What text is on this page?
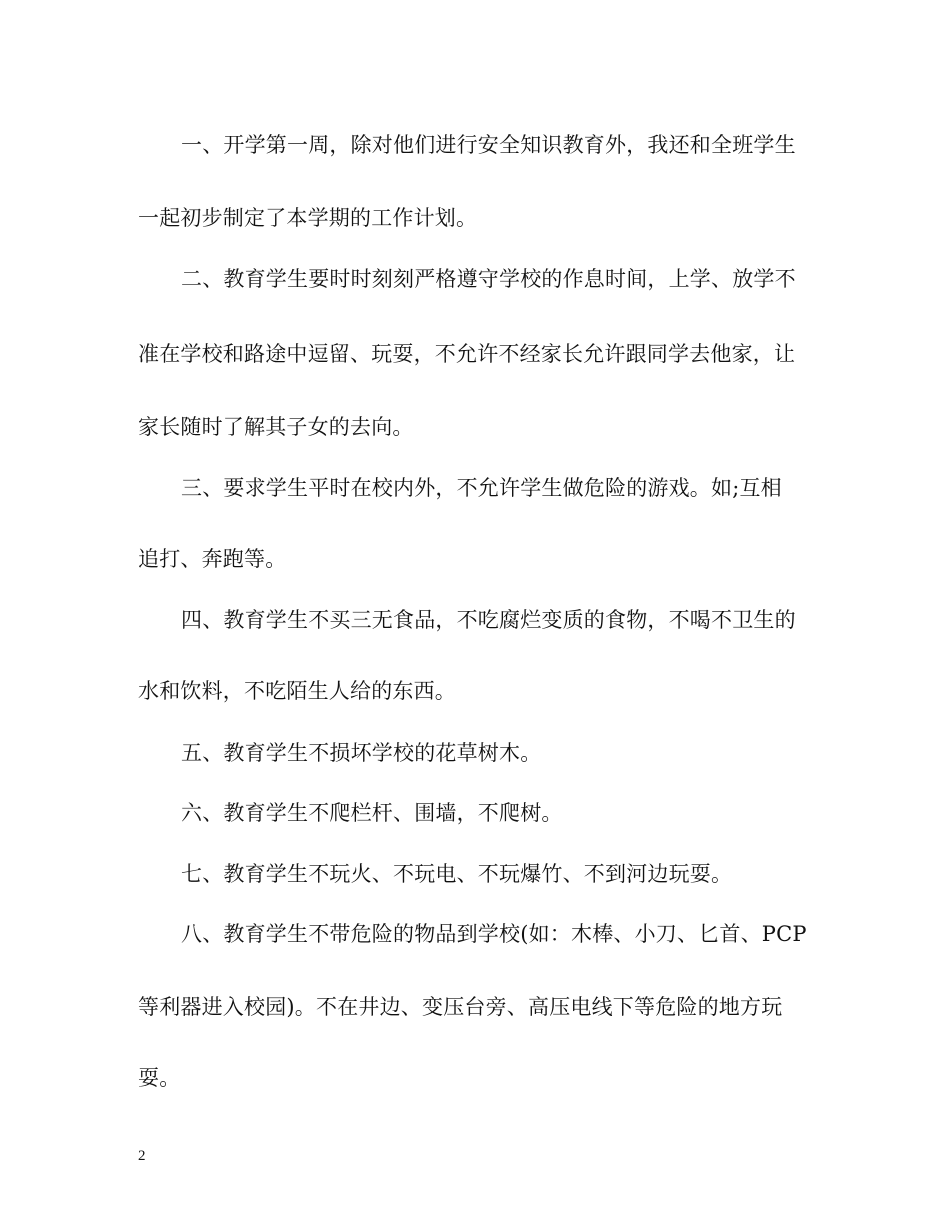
一、开学第一周，除对他们进行安全知识教育外，我还和全班学生
一起初步制定了本学期的工作计划。
二、教育学生要时时刻刻严格遵守学校的作息时间，上学、放学不
准在学校和路途中逗留、玩耍，不允许不经家长允许跟同学去他家，让
家长随时了解其子女的去向。
三、要求学生平时在校内外，不允许学生做危险的游戏。如;互相
追打、奔跑等。
四、教育学生不买三无食品，不吃腐烂变质的食物，不喝不卫生的
水和饮料，不吃陌生人给的东西。
五、教育学生不损坏学校的花草树木。
六、教育学生不爬栏杆、围墙，不爬树。
七、教育学生不玩火、不玩电、不玩爆竹、不到河边玩耍。
八、教育学生不带危险的物品到学校(如：木棒、小刀、匕首、PCP
等利器进入校园)。不在井边、变压台旁、高压电线下等危险的地方玩
耍。
2
